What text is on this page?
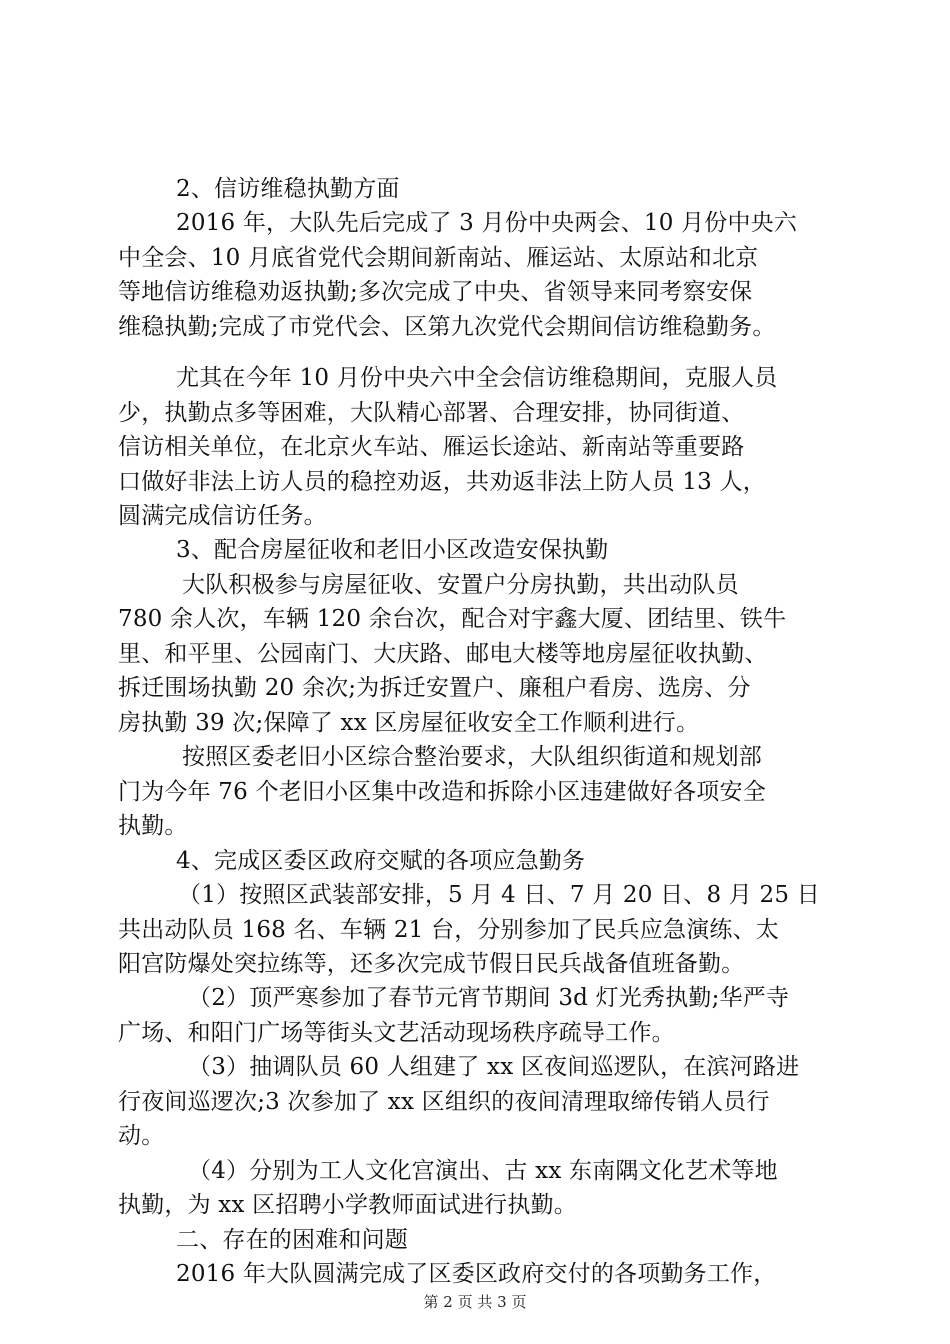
2、信访维稳执勤方面

2016 年，大队先后完成了 3 月份中央两会、10 月份中央六

中全会、10 月底省党代会期间新南站、雁运站、太原站和北京

等地信访维稳劝返执勤;多次完成了中央、省领导来同考察安保

维稳执勤;完成了市党代会、区第九次党代会期间信访维稳勤务。

尤其在今年 10 月份中央六中全会信访维稳期间，克服人员

少，执勤点多等困难，大队精心部署、合理安排，协同街道、

信访相关单位，在北京火车站、雁运长途站、新南站等重要路

口做好非法上访人员的稳控劝返，共劝返非法上防人员 13 人，

圆满完成信访任务。

3、配合房屋征收和老旧小区改造安保执勤

大队积极参与房屋征收、安置户分房执勤，共出动队员

780 余人次，车辆 120 余台次，配合对宇鑫大厦、团结里、铁牛

里、和平里、公园南门、大庆路、邮电大楼等地房屋征收执勤、

拆迁围场执勤 20 余次;为拆迁安置户、廉租户看房、选房、分

房执勤 39 次;保障了 xx 区房屋征收安全工作顺利进行。

按照区委老旧小区综合整治要求，大队组织街道和规划部

门为今年 76 个老旧小区集中改造和拆除小区违建做好各项安全

执勤。

4、完成区委区政府交赋的各项应急勤务

（1）按照区武装部安排，5 月 4 日、7 月 20 日、8 月 25 日

共出动队员 168 名、车辆 21 台，分别参加了民兵应急演练、太

阳宫防爆处突拉练等，还多次完成节假日民兵战备值班备勤。

（2）顶严寒参加了春节元宵节期间 3d 灯光秀执勤;华严寺

广场、和阳门广场等街头文艺活动现场秩序疏导工作。

（3）抽调队员 60 人组建了 xx 区夜间巡逻队，在滨河路进

行夜间巡逻次;3 次参加了 xx 区组织的夜间清理取缔传销人员行

动。

（4）分别为工人文化宫演出、古 xx 东南隅文化艺术等地

执勤，为 xx 区招聘小学教师面试进行执勤。

二、存在的困难和问题

2016 年大队圆满完成了区委区政府交付的各项勤务工作，

第 2 页 共 3 页
